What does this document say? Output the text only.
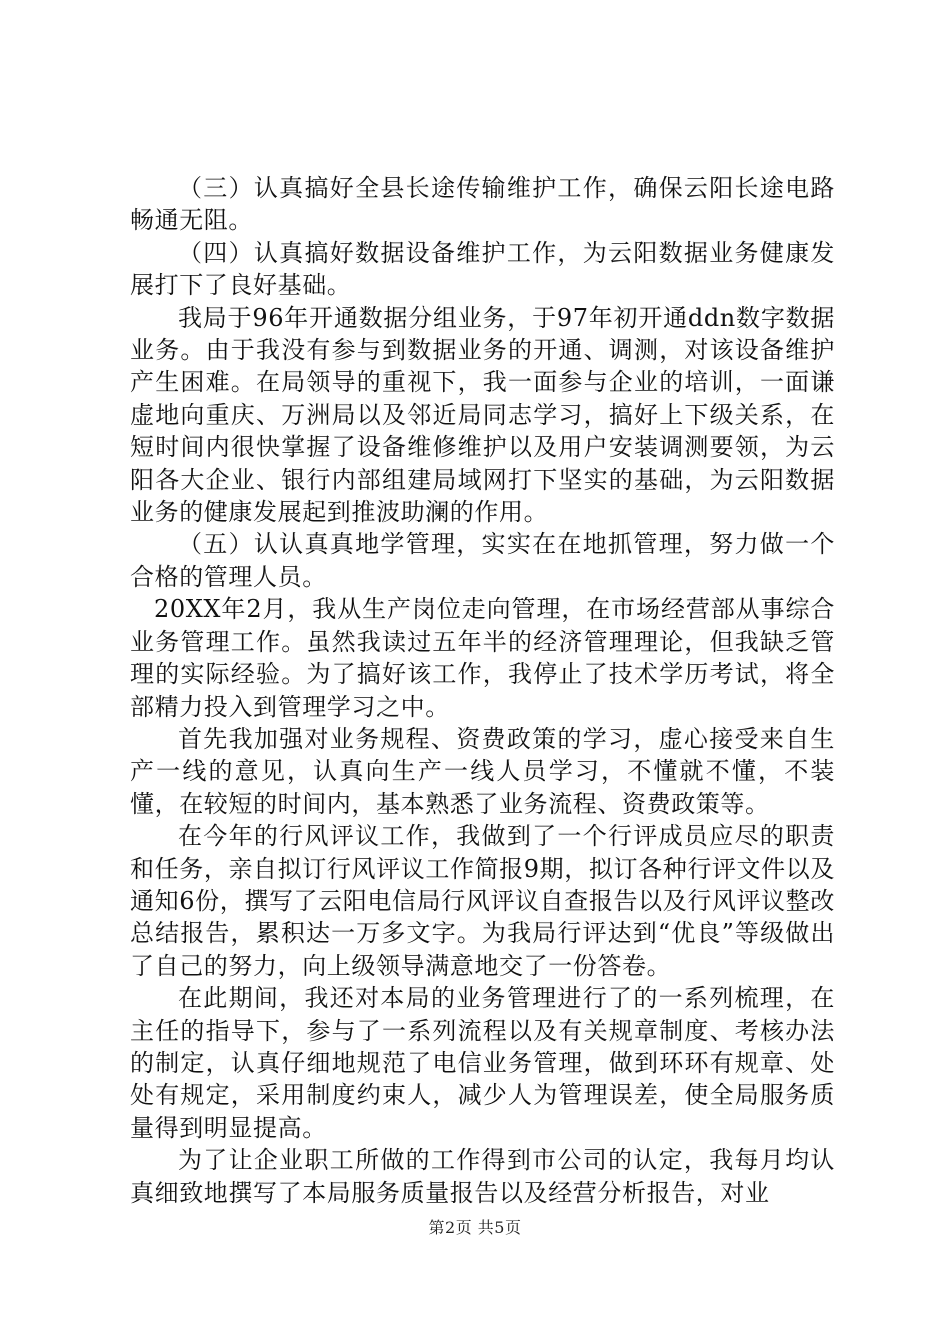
（三）认真搞好全县长途传输维护工作，确保云阳长途电路畅通无阻。

（四）认真搞好数据设备维护工作，为云阳数据业务健康发展打下了良好基础。

我局于96年开通数据分组业务，于97年初开通ddn数字数据业务。由于我没有参与到数据业务的开通、调测，对该设备维护产生困难。在局领导的重视下，我一面参与企业的培训，一面谦虚地向重庆、万洲局以及邻近局同志学习，搞好上下级关系，在短时间内很快掌握了设备维修维护以及用户安装调测要领，为云阳各大企业、银行内部组建局域网打下坚实的基础，为云阳数据业务的健康发展起到推波助澜的作用。

（五）认认真真地学管理，实实在在地抓管理，努力做一个合格的管理人员。

20XX年2月，我从生产岗位走向管理，在市场经营部从事综合业务管理工作。虽然我读过五年半的经济管理理论，但我缺乏管理的实际经验。为了搞好该工作，我停止了技术学历考试，将全部精力投入到管理学习之中。

首先我加强对业务规程、资费政策的学习，虚心接受来自生产一线的意见，认真向生产一线人员学习，不懂就不懂，不装懂，在较短的时间内，基本熟悉了业务流程、资费政策等。

在今年的行风评议工作，我做到了一个行评成员应尽的职责和任务，亲自拟订行风评议工作简报9期，拟订各种行评文件以及通知6份，撰写了云阳电信局行风评议自查报告以及行风评议整改总结报告，累积达一万多文字。为我局行评达到“优良”等级做出了自己的努力，向上级领导满意地交了一份答卷。

在此期间，我还对本局的业务管理进行了的一系列梳理，在主任的指导下，参与了一系列流程以及有关规章制度、考核办法的制定，认真仔细地规范了电信业务管理，做到环环有规章、处处有规定，采用制度约束人，减少人为管理误差，使全局服务质量得到明显提高。

为了让企业职工所做的工作得到市公司的认定，我每月均认真细致地撰写了本局服务质量报告以及经营分析报告，对业

第2页 共5页
